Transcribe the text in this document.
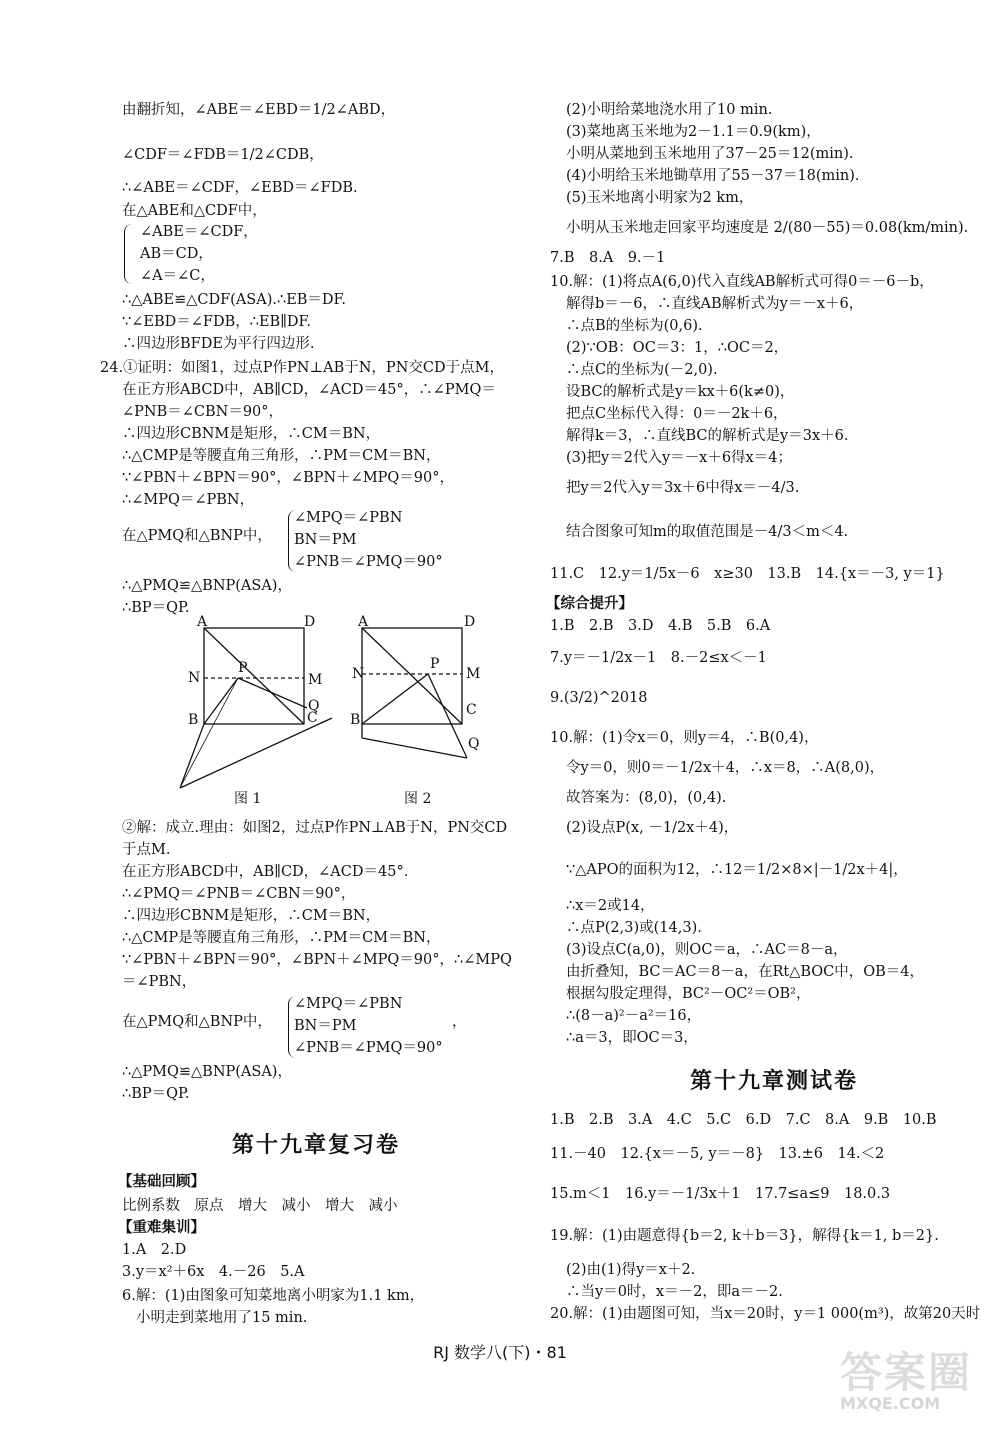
由翻折知，∠ABE＝∠EBD＝1/2∠ABD，
∠CDF＝∠FDB＝1/2∠CDB，
∴∠ABE＝∠CDF，∠EBD＝∠FDB.
在△ABE和△CDF中，
∠ABE＝∠CDF，
AB＝CD，
∠A＝∠C，
∴△ABE≌△CDF(ASA).∴EB＝DF.
∵∠EBD＝∠FDB，∴EB∥DF.
∴四边形BFDE为平行四边形.
24.①证明：如图1，过点P作PN⊥AB于N，PN交CD于点M，
在正方形ABCD中，AB∥CD，∠ACD＝45°，∴∠PMQ＝
∠PNB＝∠CBN＝90°，
∴四边形CBNM是矩形，∴CM＝BN，
∴△CMP是等腰直角三角形，∴PM＝CM＝BN，
∵∠PBN＋∠BPN＝90°，∠BPN＋∠MPQ＝90°，
∴∠MPQ＝∠PBN，
在△PMQ和△BNP中，
∠MPQ＝∠PBN
BN＝PM
∠PNB＝∠PMQ＝90°
∴△PMQ≌△BNP(ASA)，
∴BP＝QP.
A	D
N
P
M
Q
B	C
A	D
N
P
M
C
B
Q
图 1	图 2
②解：成立.理由：如图2，过点P作PN⊥AB于N，PN交CD
于点M.
在正方形ABCD中，AB∥CD，∠ACD＝45°.
∴∠PMQ＝∠PNB＝∠CBN＝90°，
∴四边形CBNM是矩形，∴CM＝BN，
∴△CMP是等腰直角三角形，∴PM＝CM＝BN，
∵∠PBN＋∠BPN＝90°，∠BPN＋∠MPQ＝90°，∴∠MPQ
＝∠PBN，
在△PMQ和△BNP中，
∠MPQ＝∠PBN
BN＝PM
∠PNB＝∠PMQ＝90°
，
∴△PMQ≌△BNP(ASA)，
∴BP＝QP.
第十九章复习卷
【基础回顾】
比例系数　原点　增大　减小　增大　减小
【重难集训】
1.A　2.D
3.y＝x²＋6x　4.－26　5.A
6.解：(1)由图象可知菜地离小明家为1.1 km，
小明走到菜地用了15 min.
(2)小明给菜地浇水用了10 min.
(3)菜地离玉米地为2－1.1＝0.9(km)，
小明从菜地到玉米地用了37－25＝12(min).
(4)小明给玉米地锄草用了55－37＝18(min).
(5)玉米地离小明家为2 km，
小明从玉米地走回家平均速度是 2/(80－55)＝0.08(km/min).
7.B　8.A　9.－1
10.解：(1)将点A(6,0)代入直线AB解析式可得0＝－6－b，
解得b＝－6，∴直线AB解析式为y＝－x＋6，
∴点B的坐标为(0,6).
(2)∵OB：OC＝3：1，∴OC＝2，
∴点C的坐标为(－2,0).
设BC的解析式是y＝kx＋6(k≠0)，
把点C坐标代入得：0＝－2k＋6，
解得k＝3，∴直线BC的解析式是y＝3x＋6.
(3)把y＝2代入y＝－x＋6得x＝4；
把y＝2代入y＝3x＋6中得x＝－4/3.
结合图象可知m的取值范围是－4/3＜m＜4.
11.C　12.y＝1/5x－6　x≥30　13.B　14.{x＝－3, y＝1}
【综合提升】
1.B　2.B　3.D　4.B　5.B　6.A
7.y＝－1/2x－1　8.－2≤x＜－1
9.(3/2)^2018
10.解：(1)令x＝0，则y＝4，∴B(0,4)，
令y＝0，则0＝－1/2x＋4，∴x＝8，∴A(8,0)，
故答案为：(8,0)，(0,4).
(2)设点P(x, －1/2x＋4)，
∵△APO的面积为12，∴12＝1/2×8×|－1/2x＋4|，
∴x＝2或14，
∴点P(2,3)或(14,3).
(3)设点C(a,0)，则OC＝a，∴AC＝8－a，
由折叠知，BC＝AC＝8－a，在Rt△BOC中，OB＝4，
根据勾股定理得，BC²－OC²＝OB²，
∴(8－a)²－a²＝16，
∴a＝3，即OC＝3，
第十九章测试卷
1.B　2.B　3.A　4.C　5.C　6.D　7.C　8.A　9.B　10.B
11.－40　12.{x＝－5, y＝－8}　13.±6　14.＜2
15.m＜1　16.y＝－1/3x＋1　17.7≤a≤9　18.0.3
19.解：(1)由题意得{b＝2, k＋b＝3}，解得{k＝1, b＝2}.
(2)由(1)得y＝x＋2.
∴当y＝0时，x＝－2，即a＝－2.
20.解：(1)由题图可知，当x＝20时，y＝1 000(m³)，故第20天时
RJ 数学八(下)・81	答案圈
MXQE.COM
